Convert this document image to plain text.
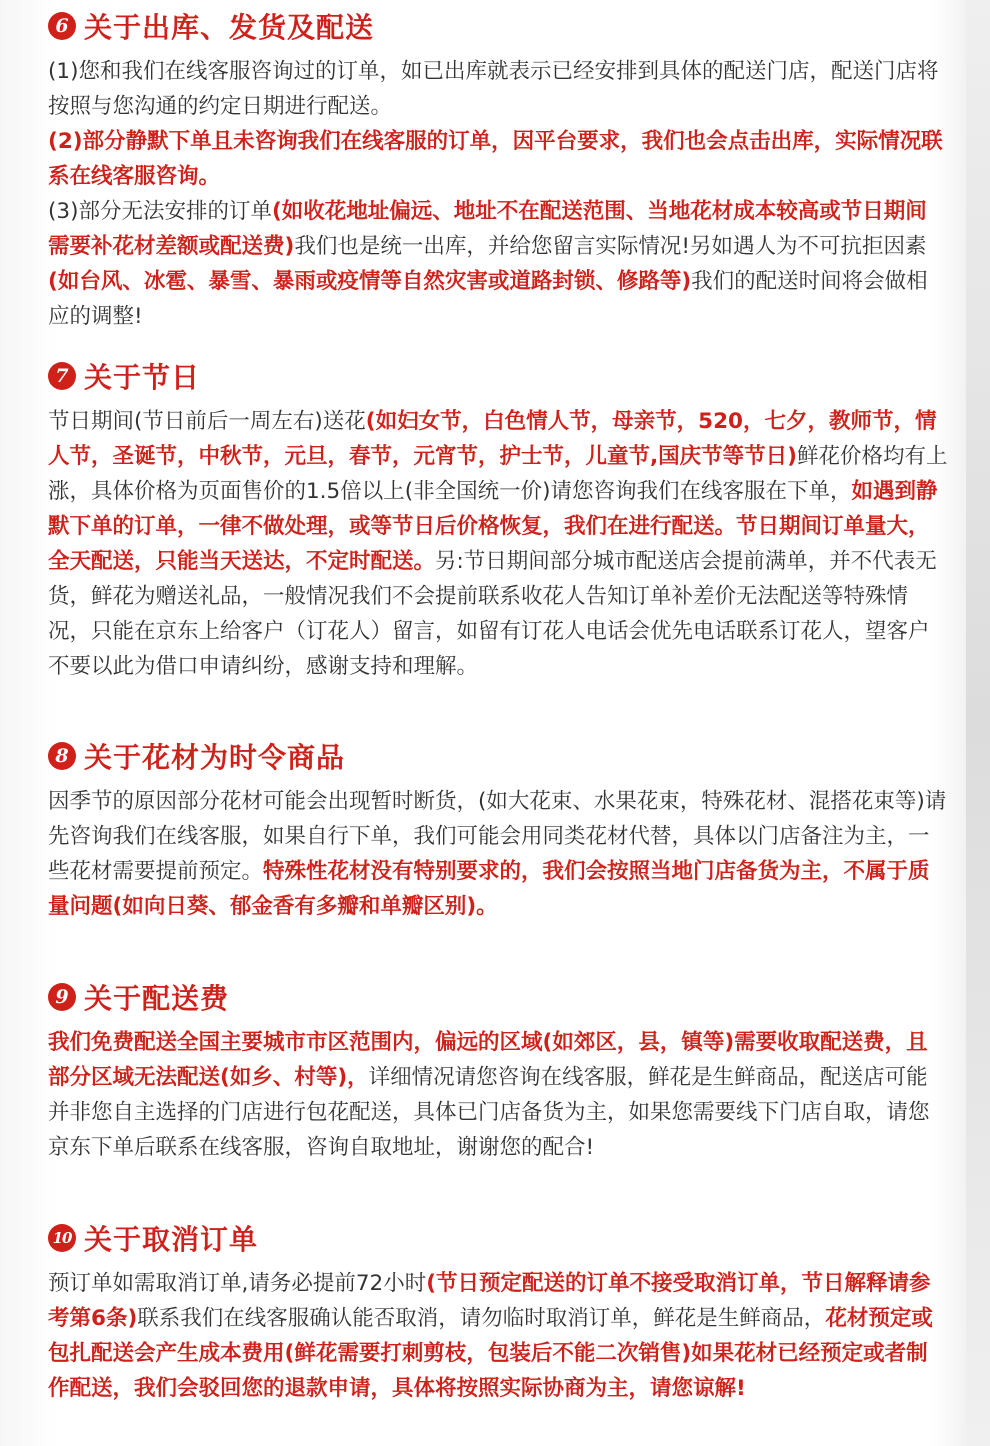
6 关于出库、发货及配送

(1)您和我们在线客服咨询过的订单，如已出库就表示已经安排到具体的配送门店，配送门店将按照与您沟通的约定日期进行配送。

(2)部分静默下单且未咨询我们在线客服的订单，因平台要求，我们也会点击出库，实际情况联系在线客服咨询。

(3)部分无法安排的订单(如收花地址偏远、地址不在配送范围、当地花材成本较高或节日期间需要补花材差额或配送费)我们也是统一出库，并给您留言实际情况!另如遇人为不可抗拒因素(如台风、冰雹、暴雪、暴雨或疫情等自然灾害或道路封锁、修路等)我们的配送时间将会做相应的调整!

7 关于节日

节日期间(节日前后一周左右)送花(如妇女节，白色情人节，母亲节，520，七夕，教师节，情人节，圣诞节，中秋节，元旦，春节，元宵节，护士节，儿童节,国庆节等节日)鲜花价格均有上涨，具体价格为页面售价的1.5倍以上(非全国统一价)请您咨询我们在线客服在下单，如遇到静默下单的订单，一律不做处理，或等节日后价格恢复，我们在进行配送。节日期间订单量大，全天配送，只能当天送达，不定时配送。另:节日期间部分城市配送店会提前满单，并不代表无货，鲜花为赠送礼品，一般情况我们不会提前联系收花人告知订单补差价无法配送等特殊情况，只能在京东上给客户（订花人）留言，如留有订花人电话会优先电话联系订花人，望客户不要以此为借口申请纠纷，感谢支持和理解。

8 关于花材为时令商品

因季节的原因部分花材可能会出现暂时断货，(如大花束、水果花束，特殊花材、混搭花束等)请先咨询我们在线客服，如果自行下单，我们可能会用同类花材代替，具体以门店备注为主，一些花材需要提前预定。特殊性花材没有特别要求的，我们会按照当地门店备货为主，不属于质量问题(如向日葵、郁金香有多瓣和单瓣区别)。

9 关于配送费

我们免费配送全国主要城市市区范围内，偏远的区域(如郊区，县，镇等)需要收取配送费，且部分区域无法配送(如乡、村等)，详细情况请您咨询在线客服，鲜花是生鲜商品，配送店可能并非您自主选择的门店进行包花配送，具体已门店备货为主，如果您需要线下门店自取，请您京东下单后联系在线客服，咨询自取地址，谢谢您的配合!

10 关于取消订单

预订单如需取消订单,请务必提前72小时(节日预定配送的订单不接受取消订单，节日解释请参考第6条)联系我们在线客服确认能否取消，请勿临时取消订单，鲜花是生鲜商品，花材预定或包扎配送会产生成本费用(鲜花需要打刺剪枝，包装后不能二次销售)如果花材已经预定或者制作配送，我们会驳回您的退款申请，具体将按照实际协商为主，请您谅解!
